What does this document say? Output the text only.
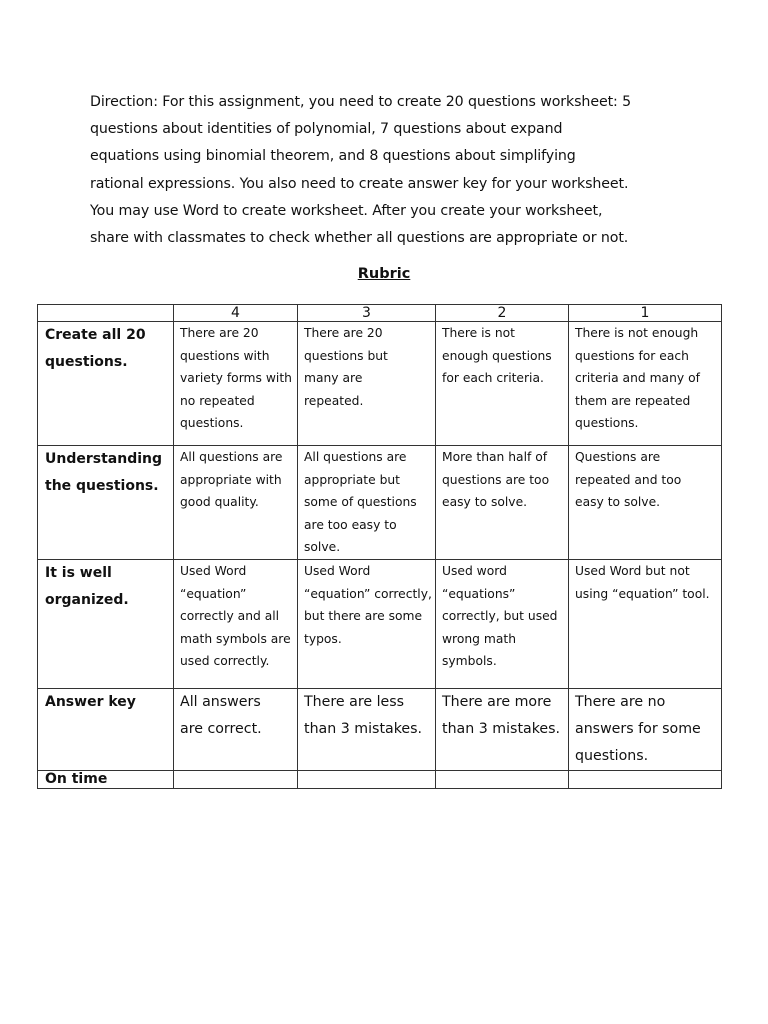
Direction: For this assignment, you need to create 20 questions worksheet: 5
questions about identities of polynomial, 7 questions about expand
equations using binomial theorem, and 8 questions about simplifying
rational expressions. You also need to create answer key for your worksheet.
You may use Word to create worksheet. After you create your worksheet,
share with classmates to check whether all questions are appropriate or not.
Rubric
	4	3	2	1

Create all 20 questions.	There are 20 questions with variety forms with no repeated questions.	There are 20 questions but many are repeated.	There is not enough questions for each criteria.	There is not enough questions for each criteria and many of them are repeated questions.

Understanding the questions.	All questions are appropriate with good quality.	All questions are appropriate but some of questions are too easy to solve.	More than half of questions are too easy to solve.	Questions are repeated and too easy to solve.

It is well organized.	Used Word “equation” correctly and all math symbols are used correctly.	Used Word “equation” correctly, but there are some typos.	Used word “equations” correctly, but used wrong math symbols.	Used Word but not using “equation” tool.

Answer key	All answers are correct.	There are less than 3 mistakes.	There are more than 3 mistakes.	There are no answers for some questions.

On time				
